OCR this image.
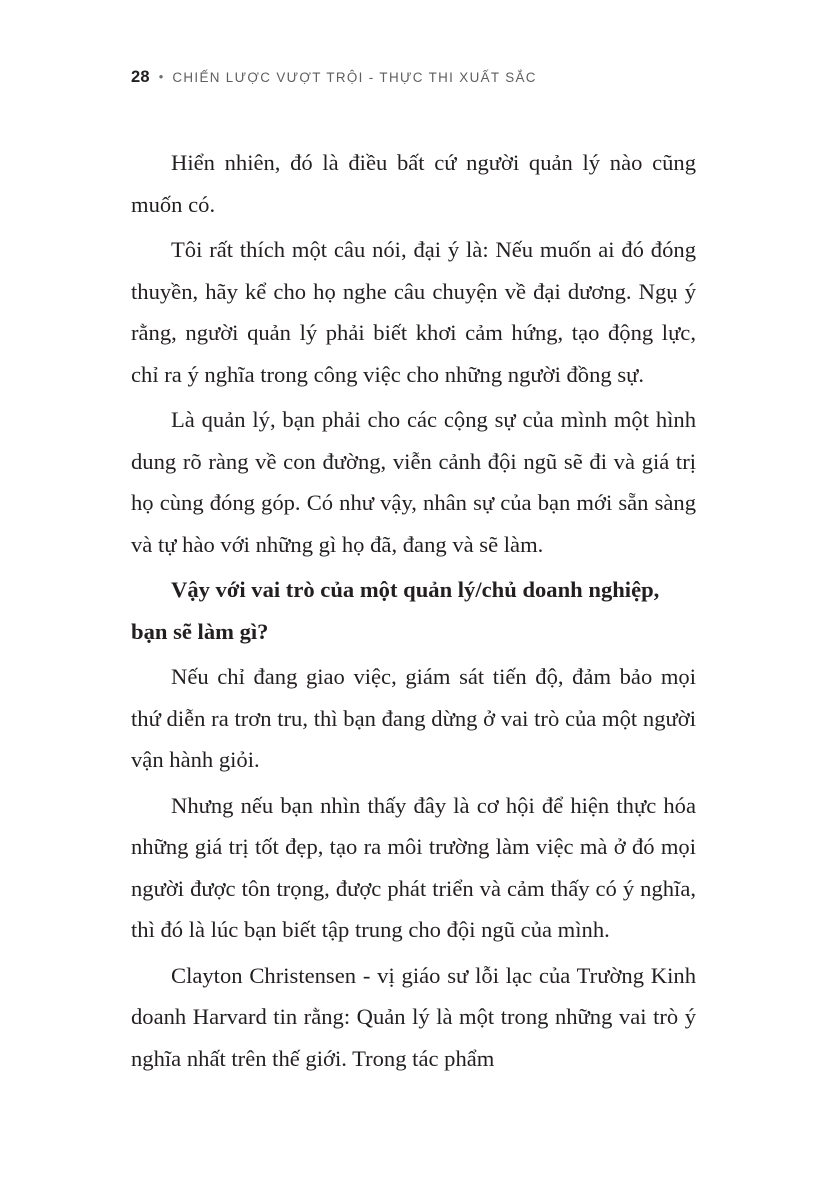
28 • CHIẾN LƯỢC VƯỢT TRỘI - THỰC THI XUẤT SẮC

Hiển nhiên, đó là điều bất cứ người quản lý nào cũng muốn có.

Tôi rất thích một câu nói, đại ý là: Nếu muốn ai đó đóng thuyền, hãy kể cho họ nghe câu chuyện về đại dương. Ngụ ý rằng, người quản lý phải biết khơi cảm hứng, tạo động lực, chỉ ra ý nghĩa trong công việc cho những người đồng sự.

Là quản lý, bạn phải cho các cộng sự của mình một hình dung rõ ràng về con đường, viễn cảnh đội ngũ sẽ đi và giá trị họ cùng đóng góp. Có như vậy, nhân sự của bạn mới sẵn sàng và tự hào với những gì họ đã, đang và sẽ làm.

Vậy với vai trò của một quản lý/chủ doanh nghiệp, bạn sẽ làm gì?

Nếu chỉ đang giao việc, giám sát tiến độ, đảm bảo mọi thứ diễn ra trơn tru, thì bạn đang dừng ở vai trò của một người vận hành giỏi.

Nhưng nếu bạn nhìn thấy đây là cơ hội để hiện thực hóa những giá trị tốt đẹp, tạo ra môi trường làm việc mà ở đó mọi người được tôn trọng, được phát triển và cảm thấy có ý nghĩa, thì đó là lúc bạn biết tập trung cho đội ngũ của mình.

Clayton Christensen - vị giáo sư lỗi lạc của Trường Kinh doanh Harvard tin rằng: Quản lý là một trong những vai trò ý nghĩa nhất trên thế giới. Trong tác phẩm
